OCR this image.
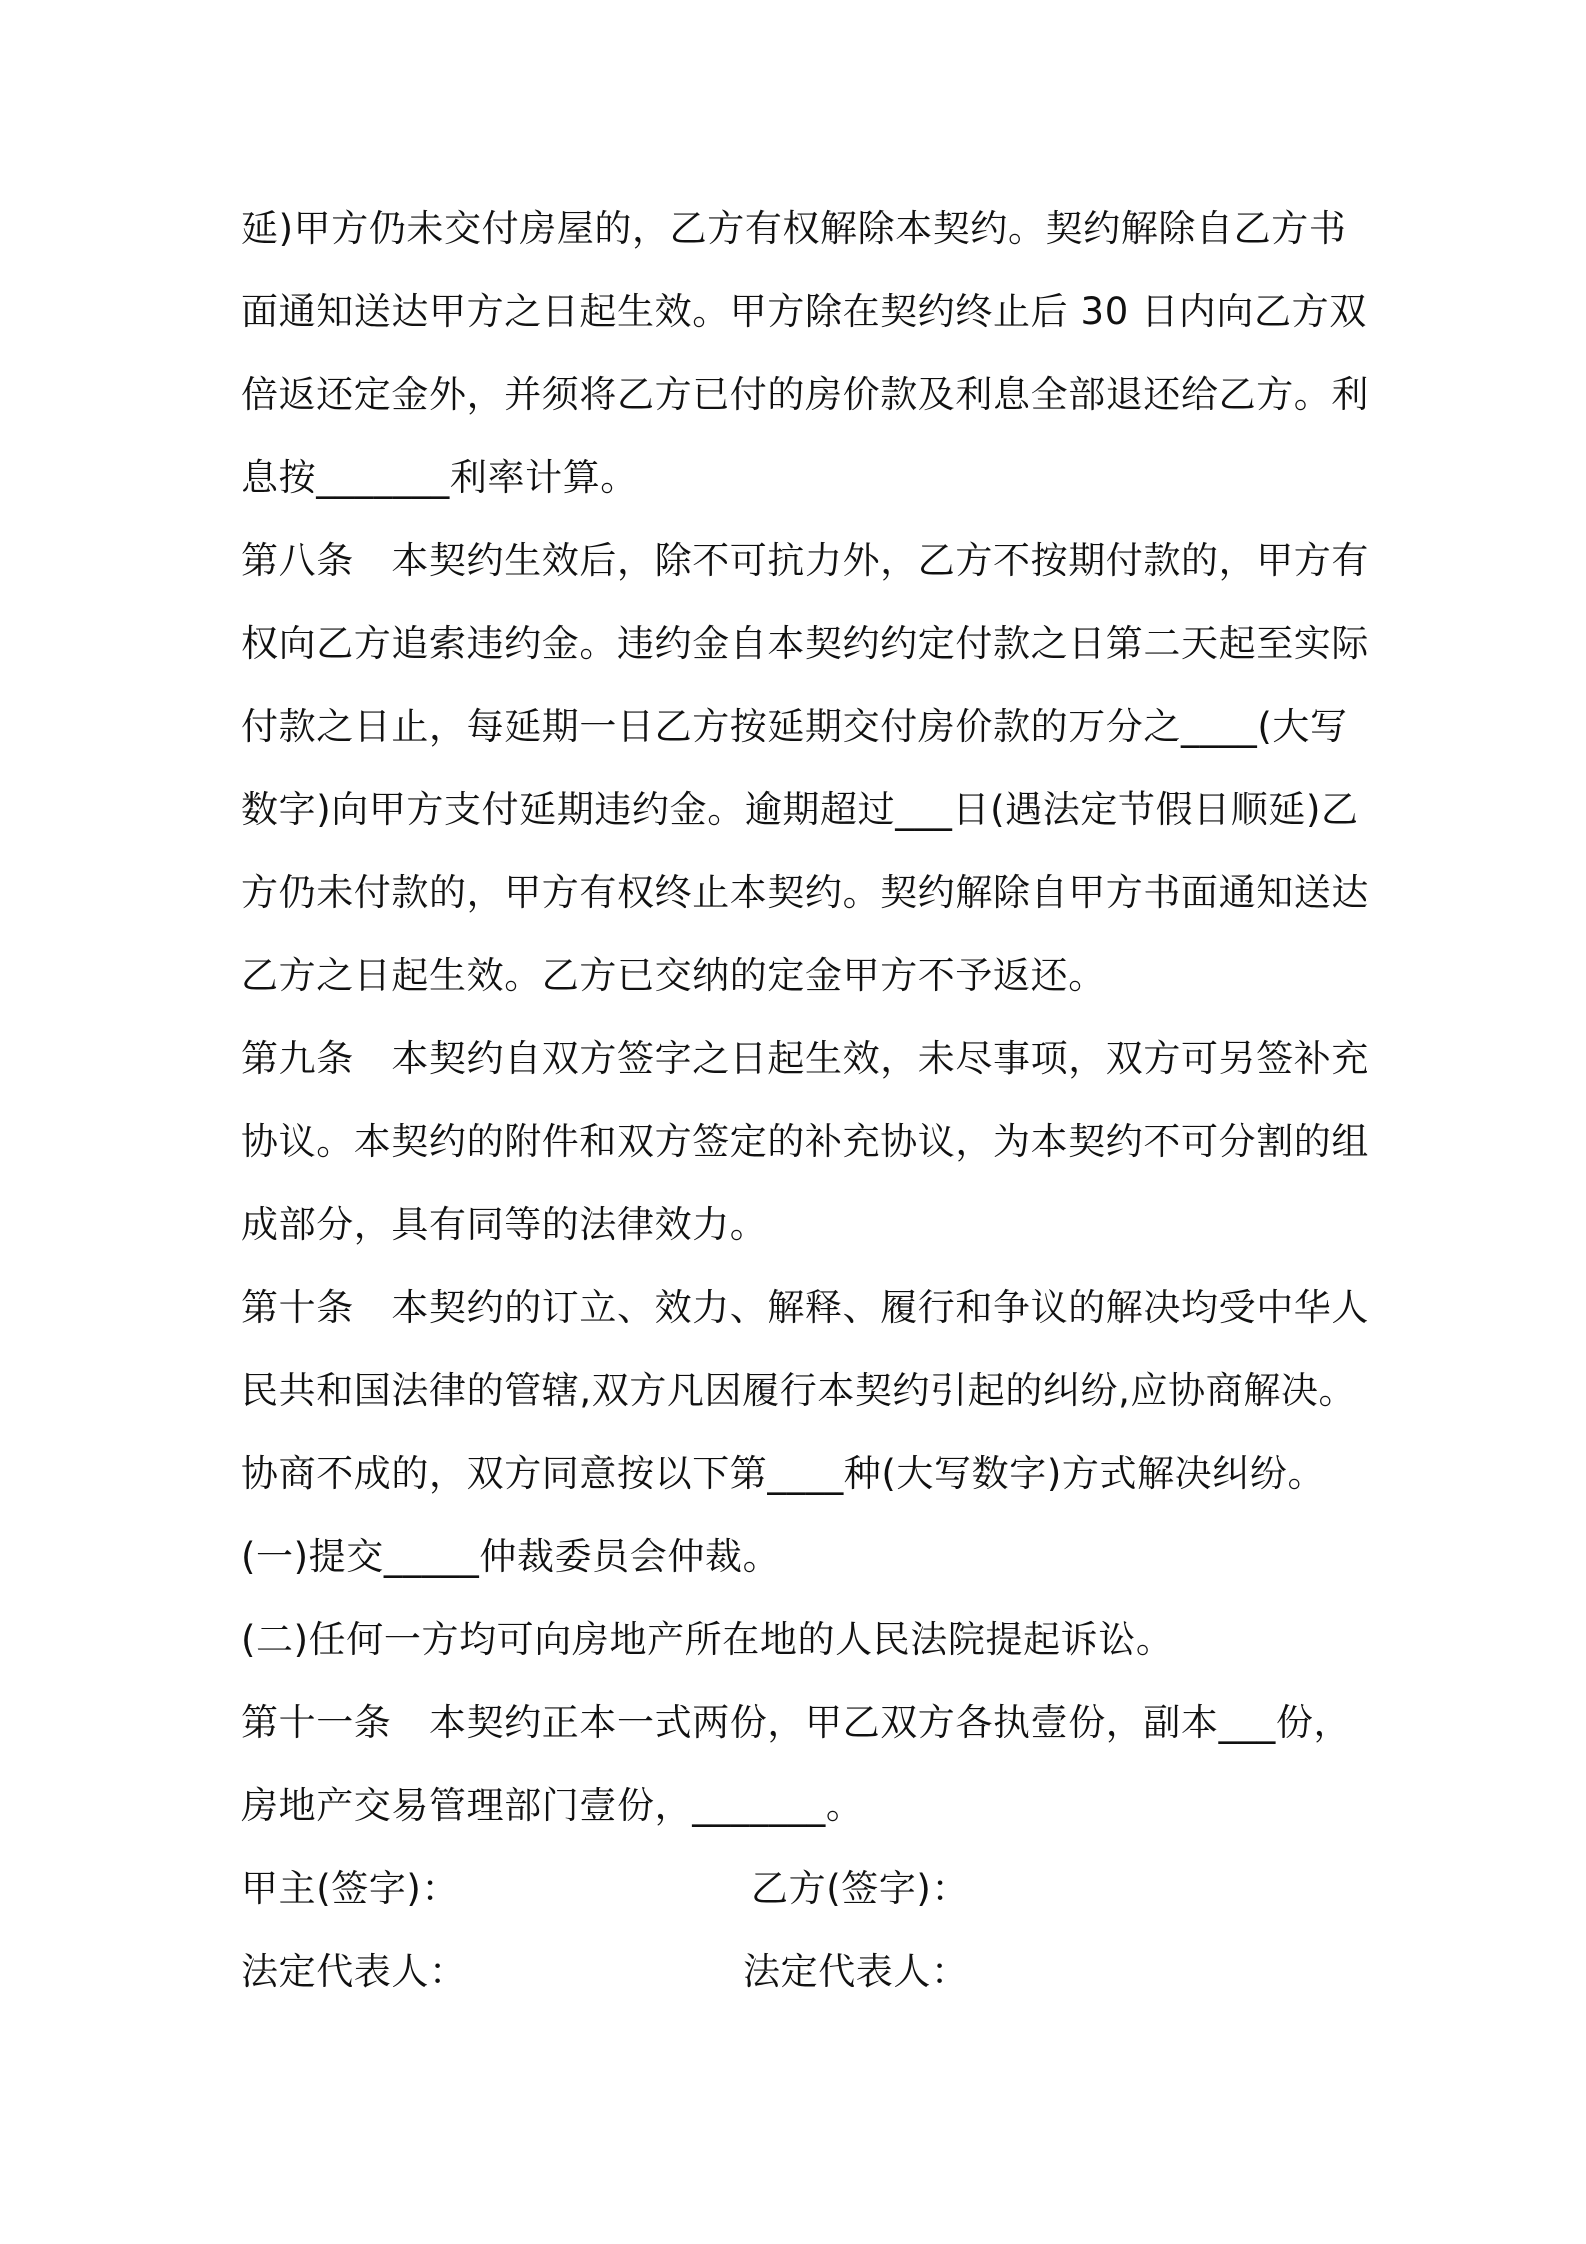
延)甲方仍未交付房屋的，乙方有权解除本契约。契约解除自乙方书
面通知送达甲方之日起生效。甲方除在契约终止后 30 日内向乙方双
倍返还定金外，并须将乙方已付的房价款及利息全部退还给乙方。利
息按_______利率计算。
第八条　本契约生效后，除不可抗力外，乙方不按期付款的，甲方有
权向乙方追索违约金。违约金自本契约约定付款之日第二天起至实际
付款之日止，每延期一日乙方按延期交付房价款的万分之____(大写
数字)向甲方支付延期违约金。逾期超过___日(遇法定节假日顺延)乙
方仍未付款的，甲方有权终止本契约。契约解除自甲方书面通知送达
乙方之日起生效。乙方已交纳的定金甲方不予返还。
第九条　本契约自双方签字之日起生效，未尽事项，双方可另签补充
协议。本契约的附件和双方签定的补充协议，为本契约不可分割的组
成部分，具有同等的法律效力。
第十条　本契约的订立、效力、解释、履行和争议的解决均受中华人
民共和国法律的管辖,双方凡因履行本契约引起的纠纷,应协商解决。
协商不成的，双方同意按以下第____种(大写数字)方式解决纠纷。
(一)提交_____仲裁委员会仲裁。
(二)任何一方均可向房地产所在地的人民法院提起诉讼。
第十一条　本契约正本一式两份，甲乙双方各执壹份，副本___份，
房地产交易管理部门壹份，_______。
甲主(签字)：	乙方(签字)：
法定代表人：	法定代表人：
